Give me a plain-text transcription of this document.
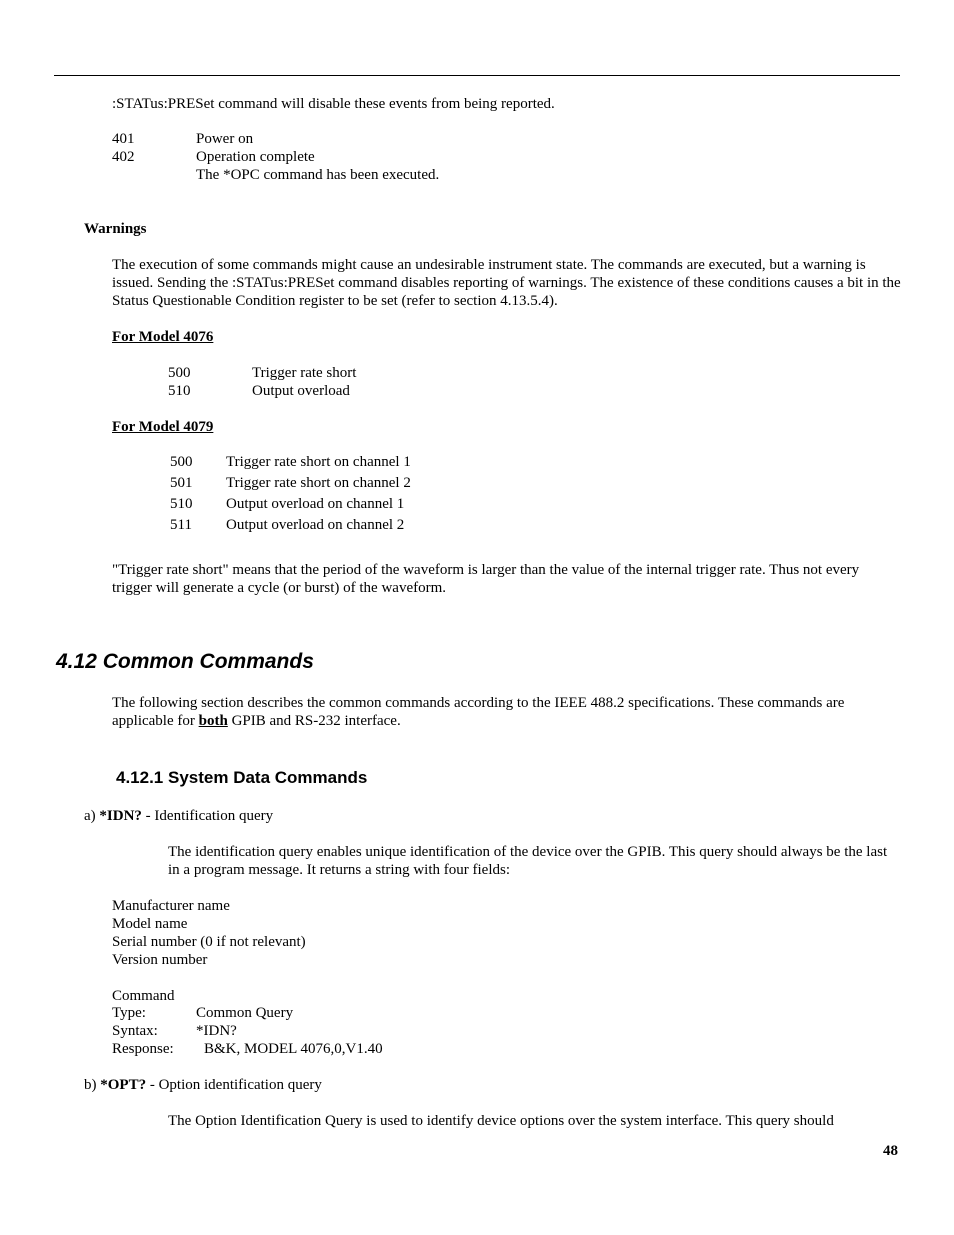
:STATus:PRESet command will disable these events from being reported.
401	Power on
402	Operation complete
The *OPC command has been executed.
Warnings
The execution of some commands might cause an undesirable instrument state. The commands are executed, but a warning is issued. Sending the :STATus:PRESet command disables reporting of warnings. The existence of these conditions causes a bit in the Status Questionable Condition register to be set (refer to section 4.13.5.4).
For Model 4076
500	Trigger rate short
510	Output overload
For Model 4079
500 Trigger rate short on channel 1
501 Trigger rate short on channel 2
510 Output overload on channel 1
511 Output overload on channel 2
"Trigger rate short" means that the period of the waveform is larger than the value of the internal trigger rate. Thus not every trigger will generate a cycle (or burst) of the waveform.
4.12 Common Commands
The following section describes the common commands according to the IEEE 488.2 specifications. These commands are applicable for both GPIB and RS-232 interface.
4.12.1 System Data Commands
a) *IDN? - Identification query
The identification query enables unique identification of the device over the GPIB. This query should always be the last in a program message. It returns a string with four fields:
Manufacturer name
Model name
Serial number (0 if not relevant)
Version number
Command
Type:	Common Query
Syntax:	*IDN?
Response: B&K, MODEL 4076,0,V1.40
b) *OPT? - Option identification query
The Option Identification Query is used to identify device options over the system interface. This query should
48
